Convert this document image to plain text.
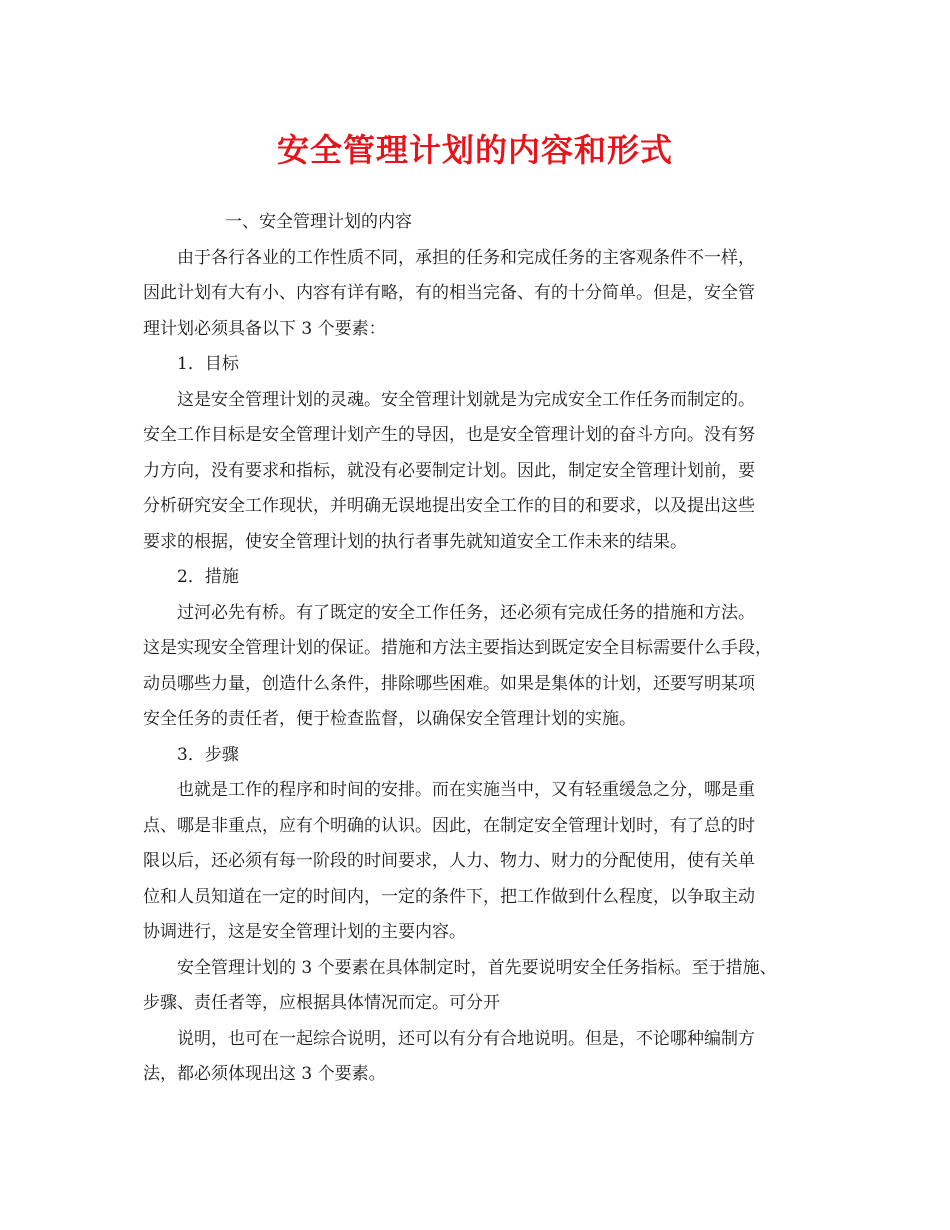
安全管理计划的内容和形式
一、安全管理计划的内容
由于各行各业的工作性质不同，承担的任务和完成任务的主客观条件不一样，
因此计划有大有小、内容有详有略，有的相当完备、有的十分简单。但是，安全管
理计划必须具备以下 3 个要素：
1．目标
这是安全管理计划的灵魂。安全管理计划就是为完成安全工作任务而制定的。
安全工作目标是安全管理计划产生的导因，也是安全管理计划的奋斗方向。没有努
力方向，没有要求和指标，就没有必要制定计划。因此，制定安全管理计划前，要
分析研究安全工作现状，并明确无误地提出安全工作的目的和要求，以及提出这些
要求的根据，使安全管理计划的执行者事先就知道安全工作未来的结果。
2．措施
过河必先有桥。有了既定的安全工作任务，还必须有完成任务的措施和方法。
这是实现安全管理计划的保证。措施和方法主要指达到既定安全目标需要什么手段，
动员哪些力量，创造什么条件，排除哪些困难。如果是集体的计划，还要写明某项
安全任务的责任者，便于检查监督，以确保安全管理计划的实施。
3．步骤
也就是工作的程序和时间的安排。而在实施当中，又有轻重缓急之分，哪是重
点、哪是非重点，应有个明确的认识。因此，在制定安全管理计划时，有了总的时
限以后，还必须有每一阶段的时间要求，人力、物力、财力的分配使用，使有关单
位和人员知道在一定的时间内，一定的条件下，把工作做到什么程度，以争取主动
协调进行，这是安全管理计划的主要内容。
安全管理计划的 3 个要素在具体制定时，首先要说明安全任务指标。至于措施、
步骤、责任者等，应根据具体情况而定。可分开
说明，也可在一起综合说明，还可以有分有合地说明。但是，不论哪种编制方
法，都必须体现出这 3 个要素。
